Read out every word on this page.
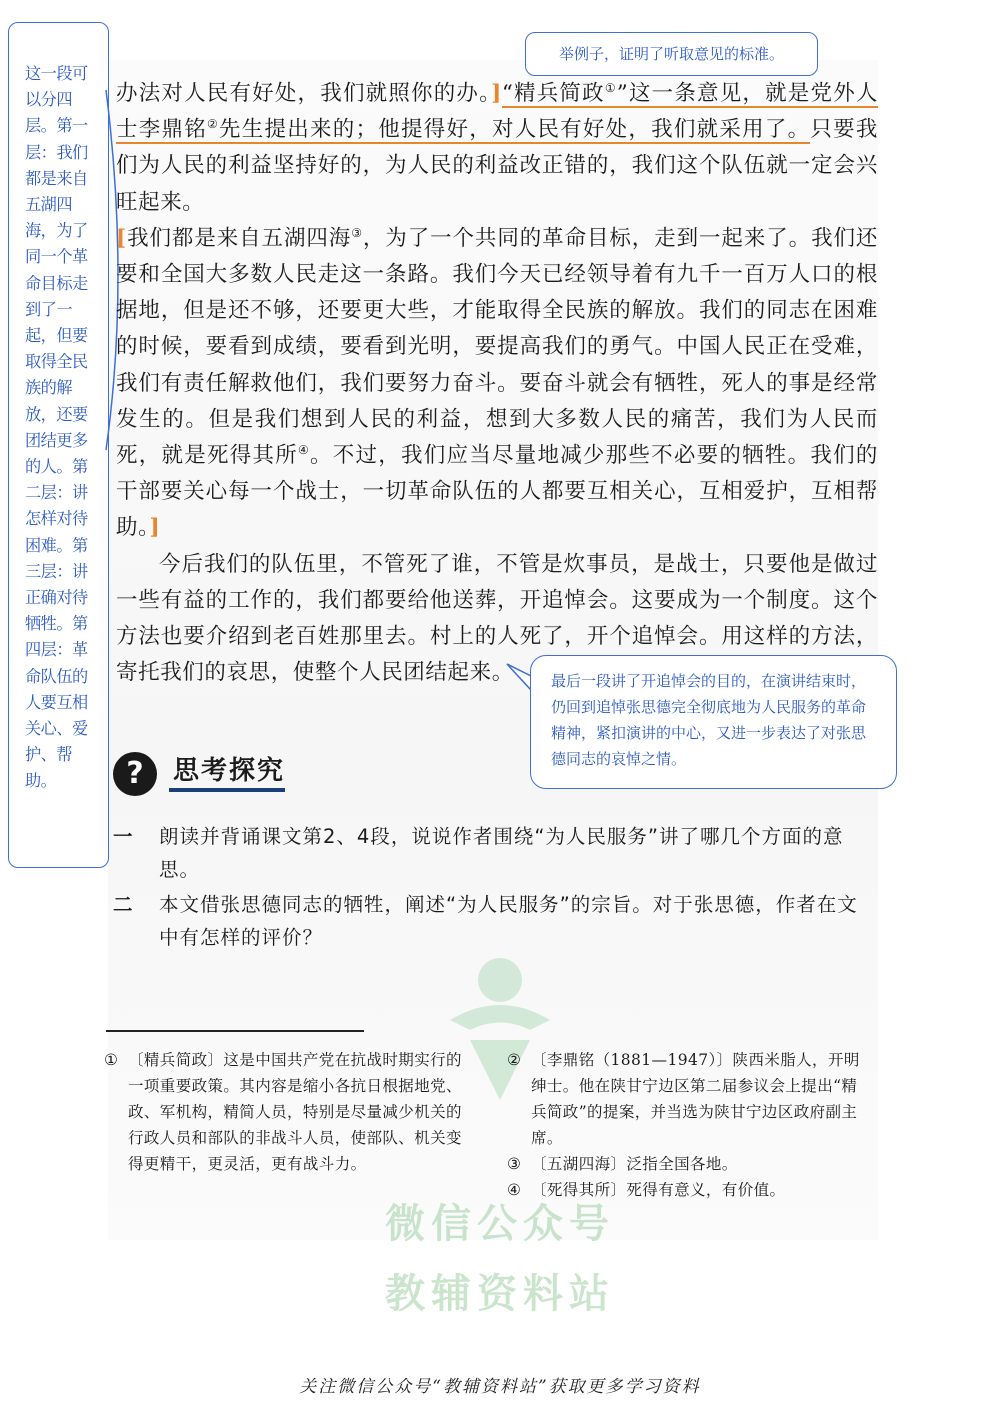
这一段可以分四层。第一层：我们都是来自五湖四海，为了同一个革命目标走到了一起，但要取得全民族的解放，还要团结更多的人。第二层：讲怎样对待困难。第三层：讲正确对待牺牲。第四层：革命队伍的人要互相关心、爱护、帮助。
举例子，证明了听取意见的标准。

办法对人民有好处，我们就照你的办。]“精兵简政①”这一条意见，就是党外人士李鼎铭②先生提出来的；他提得好，对人民有好处，我们就采用了。只要我们为人民的利益坚持好的，为人民的利益改正错的，我们这个队伍就一定会兴旺起来。

[我们都是来自五湖四海③，为了一个共同的革命目标，走到一起来了。我们还要和全国大多数人民走这一条路。我们今天已经领导着有九千一百万人口的根据地，但是还不够，还要更大些，才能取得全民族的解放。我们的同志在困难的时候，要看到成绩，要看到光明，要提高我们的勇气。中国人民正在受难，我们有责任解救他们，我们要努力奋斗。要奋斗就会有牺牲，死人的事是经常发生的。但是我们想到人民的利益，想到大多数人民的痛苦，我们为人民而死，就是死得其所④。不过，我们应当尽量地减少那些不必要的牺牲。我们的干部要关心每一个战士，一切革命队伍的人都要互相关心，互相爱护，互相帮助。]

今后我们的队伍里，不管死了谁，不管是炊事员，是战士，只要他是做过一些有益的工作的，我们都要给他送葬，开追悼会。这要成为一个制度。这个方法也要介绍到老百姓那里去。村上的人死了，开个追悼会。用这样的方法，寄托我们的哀思，使整个人民团结起来。	最后一段讲了开追悼会的目的，在演讲结束时，仍回到追悼张思德完全彻底地为人民服务的革命精神，紧扣演讲的中心，又进一步表达了对张思德同志的哀悼之情。
?	思考探究
一 朗读并背诵课文第2、4段，说说作者围绕“为人民服务”讲了哪几个方面的意思。
二 本文借张思德同志的牺牲，阐述“为人民服务”的宗旨。对于张思德，作者在文中有怎样的评价？
微信公众号
教辅资料站
① 〔精兵简政〕这是中国共产党在抗战时期实行的一项重要政策。其内容是缩小各抗日根据地党、政、军机构，精简人员，特别是尽量减少机关的行政人员和部队的非战斗人员，使部队、机关变得更精干，更灵活，更有战斗力。
② 〔李鼎铭（1881—1947）〕陕西米脂人，开明绅士。他在陕甘宁边区第二届参议会上提出“精兵简政”的提案，并当选为陕甘宁边区政府副主席。
③ 〔五湖四海〕泛指全国各地。
④ 〔死得其所〕死得有意义，有价值。
关注微信公众号“教辅资料站”获取更多学习资料
